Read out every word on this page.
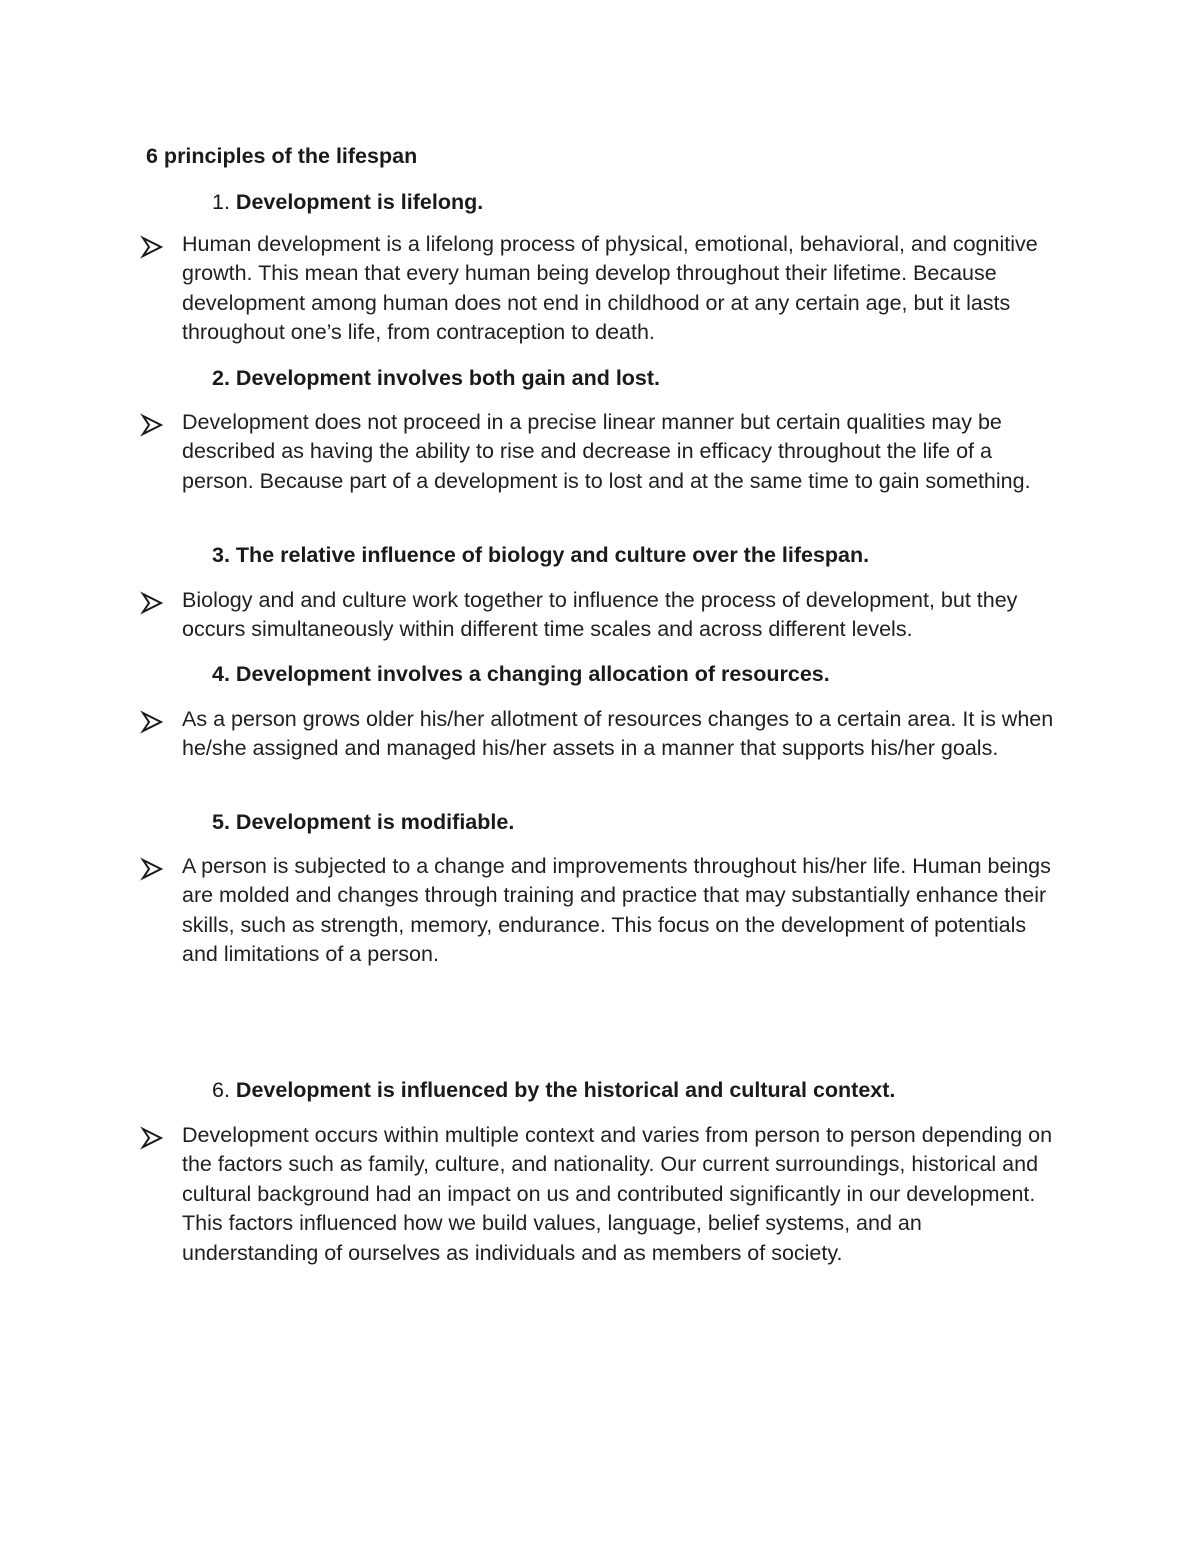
6 principles of the lifespan
1. Development is lifelong.

Human development is a lifelong process of physical, emotional, behavioral, and cognitive growth. This mean that every human being develop throughout their lifetime. Because development among human does not end in childhood or at any certain age, but it lasts throughout one’s life, from contraception to death.

2. Development involves both gain and lost.

Development does not proceed in a precise linear manner but certain qualities may be described as having the ability to rise and decrease in efficacy throughout the life of a person. Because part of a development is to lost and at the same time to gain something.

3. The relative influence of biology and culture over the lifespan.

Biology and and culture work together to influence the process of development, but they occurs simultaneously within different time scales and across different levels.

4. Development involves a changing allocation of resources.

As a person grows older his/her allotment of resources changes to a certain area. It is when he/she assigned and managed his/her assets in a manner that supports his/her goals.

5. Development is modifiable.

A person is subjected to a change and improvements throughout his/her life. Human beings are molded and changes through training and practice that may substantially enhance their skills, such as strength, memory, endurance. This focus on the development of potentials and limitations of a person.

6. Development is influenced by the historical and cultural context.

Development occurs within multiple context and varies from person to person depending on the factors such as family, culture, and nationality. Our current surroundings, historical and cultural background had an impact on us and contributed significantly in our development. This factors influenced how we build values, language, belief systems, and an understanding of ourselves as individuals and as members of society.
